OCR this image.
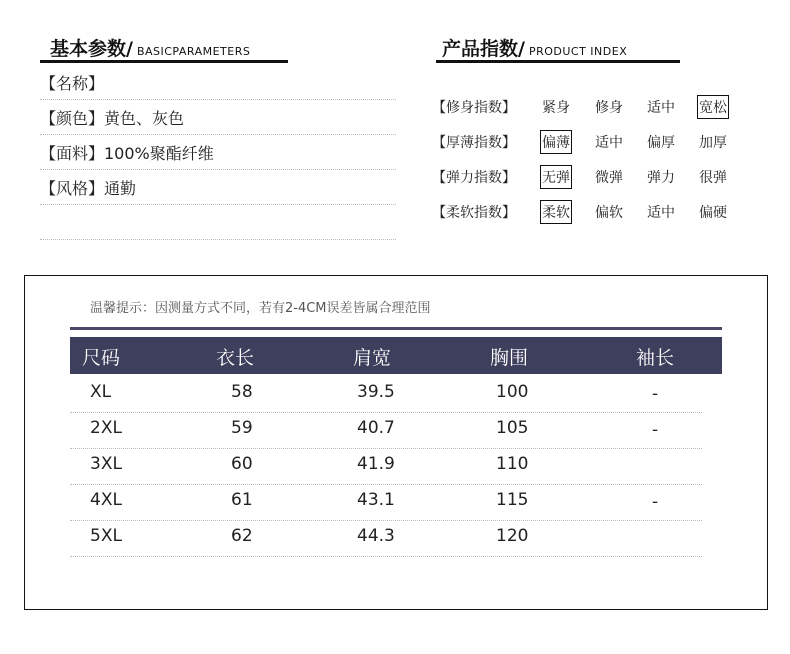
基本参数/ BASICPARAMETERS
【名称】
【颜色】黄色、灰色
【面料】100%聚酯纤维
【风格】通勤
产品指数/ PRODUCT INDEX
【修身指数】 紧身 修身 适中 宽松
【厚薄指数】 偏薄 适中 偏厚 加厚
【弹力指数】 无弹 微弹 弹力 很弹
【柔软指数】 柔软 偏软 适中 偏硬
温馨提示：因测量方式不同，若有2-4CM误差皆属合理范围
尺码	衣长	肩宽	胸围	袖长
XL	58	39.5	100	-
2XL	59	40.7	105	-
3XL	60	41.9	110
4XL	61	43.1	115	-
5XL	62	44.3	120
